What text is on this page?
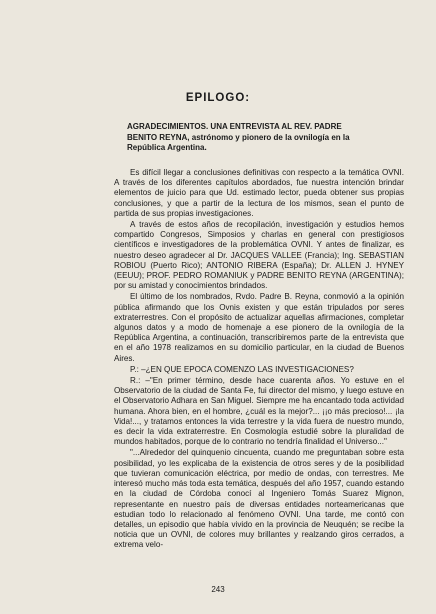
EPILOGO:

AGRADECIMIENTOS. UNA ENTREVISTA AL REV. PADRE

BENITO REYNA, astrónomo y pionero de la ovnilogía en la

República Argentina.

Es difícil llegar a conclusiones definitivas con respecto a la temática OVNI. A través de los diferentes capítulos abordados, fue nuestra intención brindar elementos de juicio para que Ud. estimado lector, pueda obtener sus propias conclusiones, y que a partir de la lectura de los mismos, sean el punto de partida de sus propias investigaciones.

A través de estos años de recopilación, investigación y estudios hemos compartido Congresos, Simposios y charlas en general con prestigiosos científicos e investigadores de la problemática OVNI. Y antes de finalizar, es nuestro deseo agradecer al Dr. JACQUES VALLEE (Francia); Ing. SEBASTIAN ROBIOU (Puerto Rico); ANTONIO RIBERA (España); Dr. ALLEN J. HYNEY (EEUU); PROF. PEDRO ROMANIUK y PADRE BENITO REYNA (ARGENTINA); por su amistad y conocimientos brindados.

El último de los nombrados, Rvdo. Padre B. Reyna, conmovió a la opinión pública afirmando que los Ovnis existen y que están tripulados por seres extraterrestres. Con el propósito de actualizar aquellas afirmaciones, completar algunos datos y a modo de homenaje a ese pionero de la ovnilogía de la República Argentina, a continuación, transcribiremos parte de la entrevista que en el año 1978 realizamos en su domicilio particular, en la ciudad de Buenos Aires.

P.: –¿EN QUE EPOCA COMENZO LAS INVESTIGACIONES?

R.: –"En primer término, desde hace cuarenta años. Yo estuve en el Observatorio de la ciudad de Santa Fe, fui director del mismo, y luego estuve en el Observatorio Adhara en San Miguel. Siempre me ha encantado toda actividad humana. Ahora bien, en el hombre, ¿cuál es la mejor?... ¡¡o más precioso!... ¡la Vida!..., y tratamos entonces la vida terrestre y la vida fuera de nuestro mundo, es decir la vida extraterrestre. En Cosmología estudié sobre la pluralidad de mundos habitados, porque de lo contrario no tendría finalidad el Universo..."

"...Alrededor del quinquenio cincuenta, cuando me preguntaban sobre esta posibilidad, yo les explicaba de la existencia de otros seres y de la posibilidad que tuvieran comunicación eléctrica, por medio de ondas, con terrestres. Me interesó mucho más toda esta temática, después del año 1957, cuando estando en la ciudad de Córdoba conocí al Ingeniero Tomás Suarez Mignon, representante en nuestro país de diversas entidades norteamericanas que estudian todo lo relacionado al fenómeno OVNI. Una tarde, me contó con detalles, un episodio que había vivido en la provincia de Neuquén; se recibe la noticia que un OVNI, de colores muy brillantes y realzando giros cerrados, a extrema velo-

243
